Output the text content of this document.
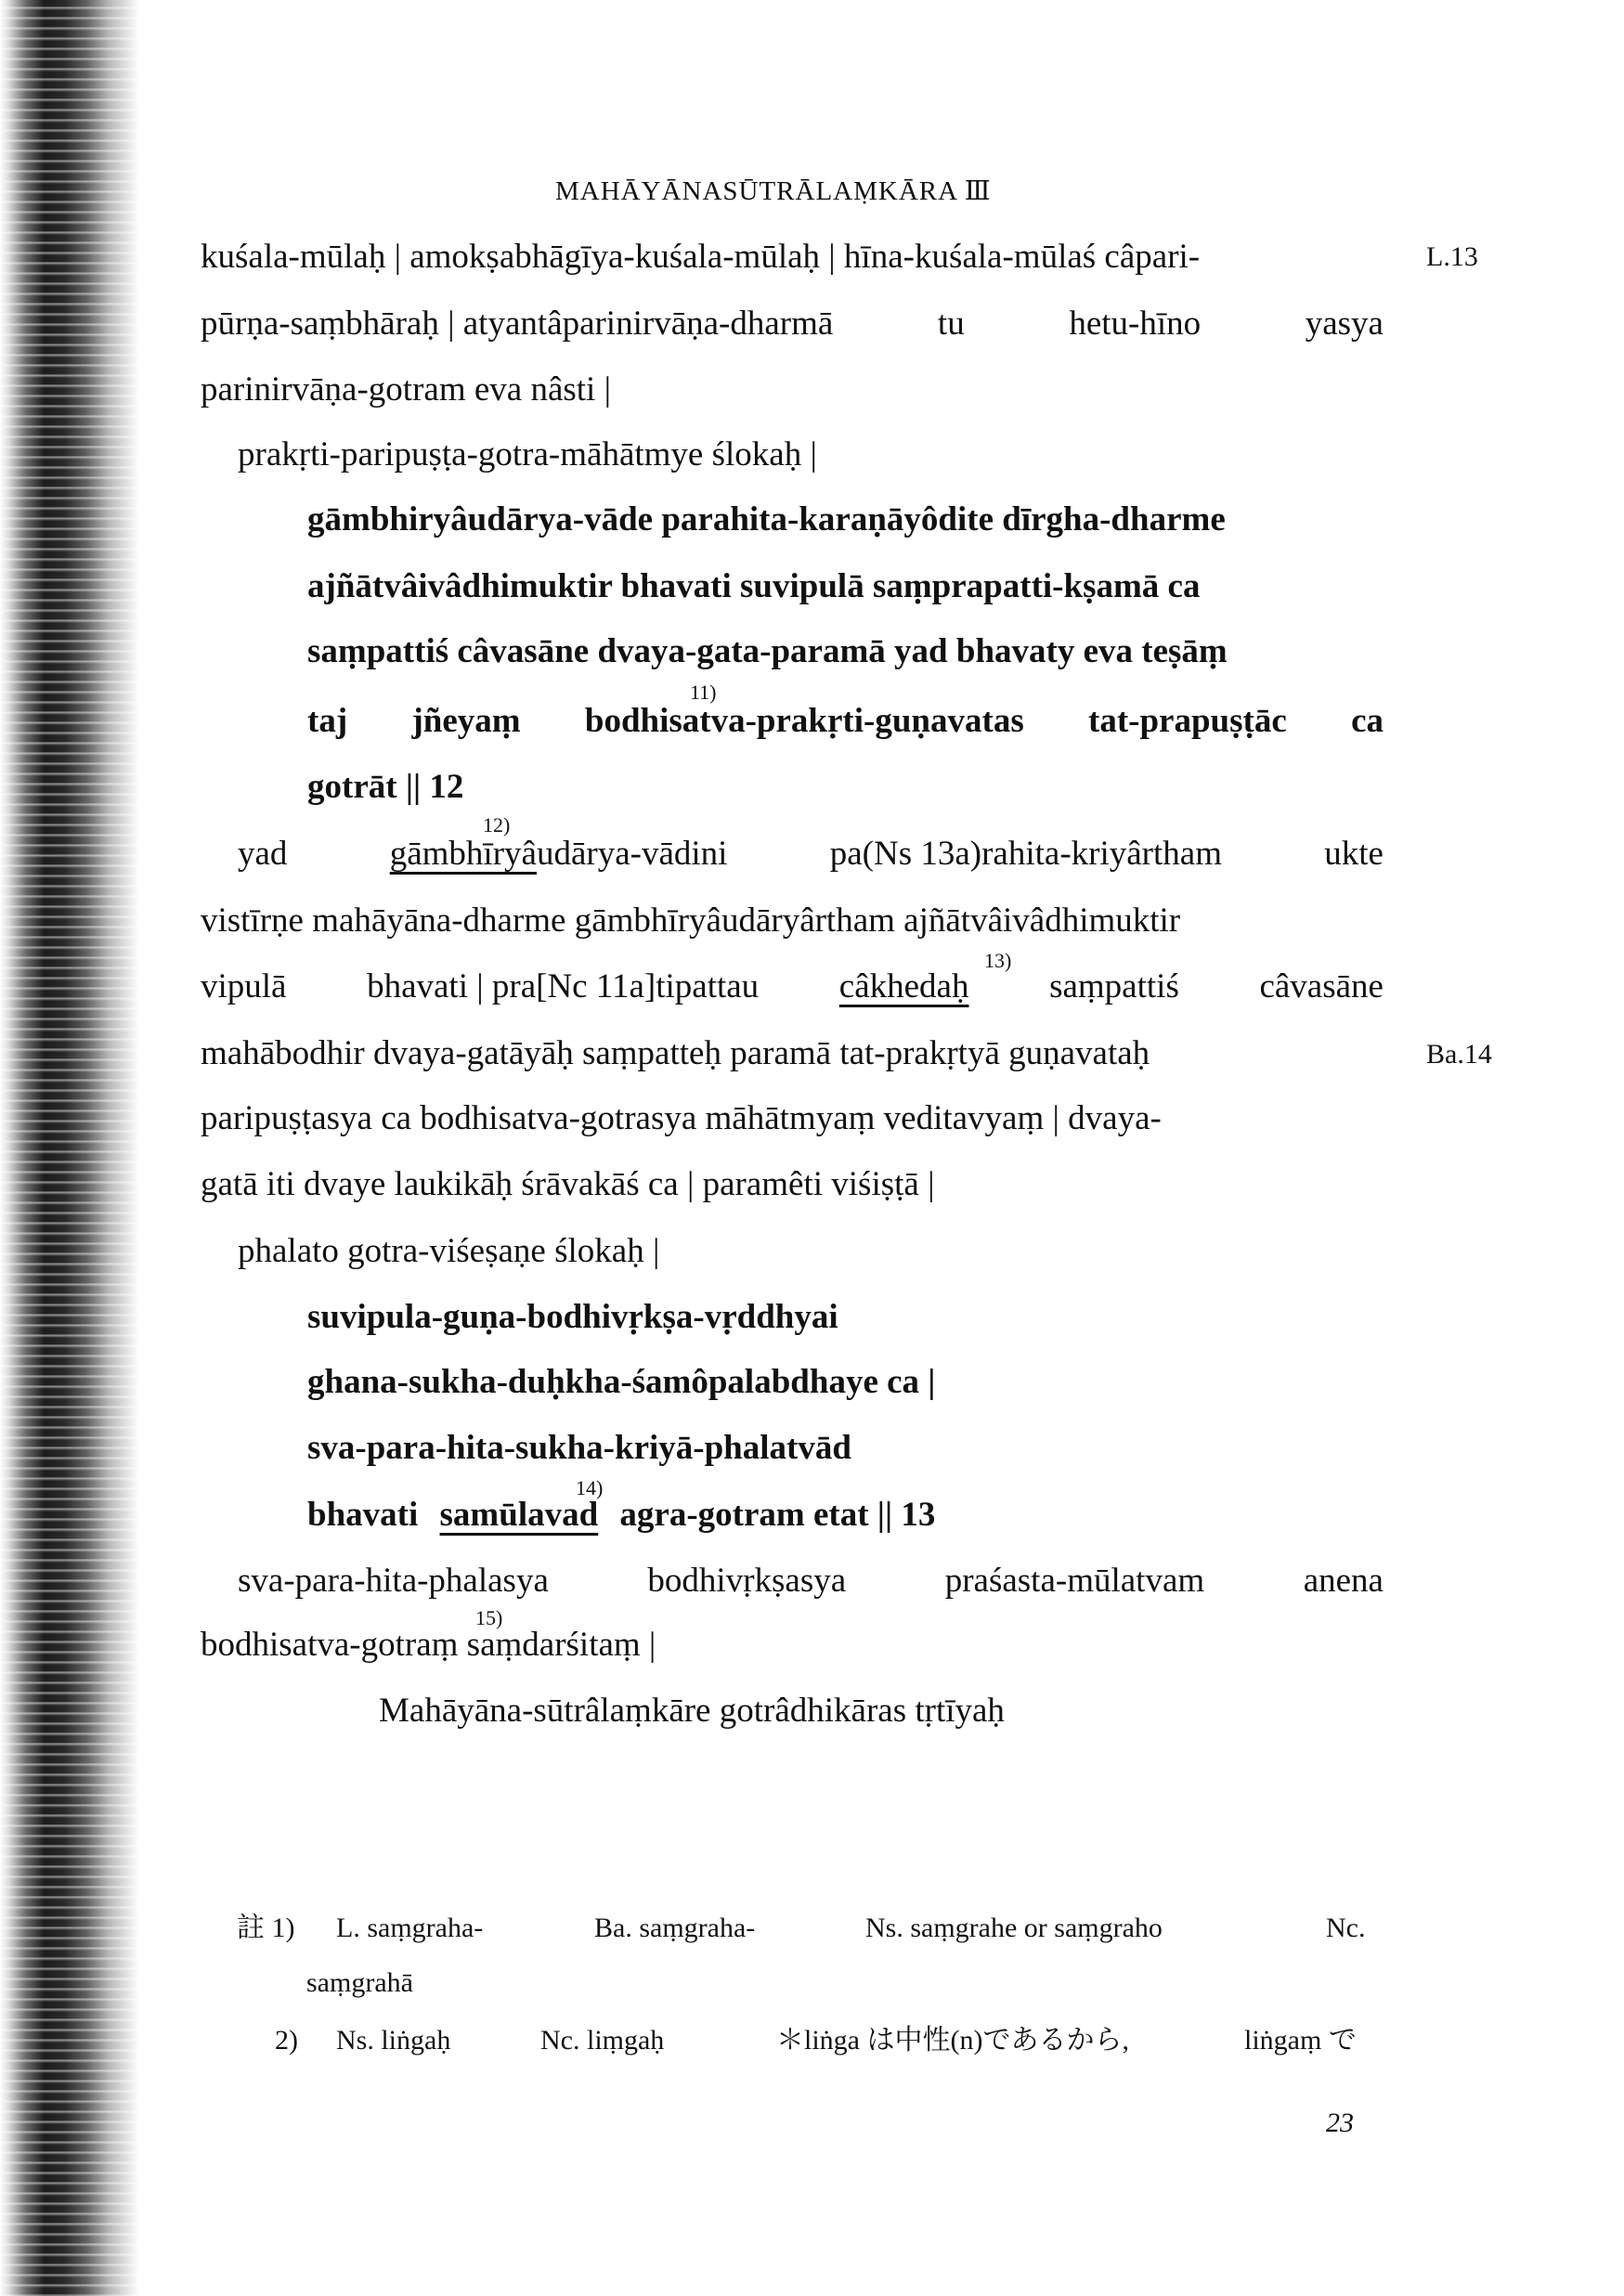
MAHĀYĀNASŪTRĀLAṂKĀRA Ⅲ
L.13
Ba.14
kuśala-mūlaḥ | amokṣabhāgīya-kuśala-mūlaḥ | hīna-kuśala-mūlaś câpari-
pūrṇa-saṃbhāraḥ | atyantâparinirvāṇa-dharmā	tu	hetu-hīno	yasya
parinirvāṇa-gotram eva nâsti |
prakṛti-paripuṣṭa-gotra-māhātmye ślokaḥ |
gāmbhiryâudārya-vāde parahita-karaṇāyôdite dīrgha-dharme
ajñātvâivâdhimuktir bhavati suvipulā saṃprapatti-kṣamā ca
saṃpattiś câvasāne dvaya-gata-paramā yad bhavaty eva teṣāṃ
11)
taj jñeyaṃ bodhisatva-prakṛti-guṇavatas tat-prapuṣṭāc ca
gotrāt || 12
12)
yad	gāmbhīryâudārya-vādini	pa(Ns 13a)rahita-kriyârtham	ukte
vistīrṇe mahāyāna-dharme gāmbhīryâudāryârtham ajñātvâivâdhimuktir
13)
vipulā bhavati | pra[Nc 11a]tipattau câkhedaḥ saṃpattiś câvasāne
mahābodhir dvaya-gatāyāḥ saṃpatteḥ paramā tat-prakṛtyā guṇavataḥ
paripuṣṭasya ca bodhisatva-gotrasya māhātmyaṃ veditavyaṃ | dvaya-
gatā iti dvaye laukikāḥ śrāvakāś ca | paramêti viśiṣṭā |
phalato gotra-viśeṣaṇe ślokaḥ |
suvipula-guṇa-bodhivṛkṣa-vṛddhyai
ghana-sukha-duḥkha-śamôpalabdhaye ca |
sva-para-hita-sukha-kriyā-phalatvād
14)
bhavati samūlavad agra-gotram etat || 13
sva-para-hita-phalasya	bodhivṛkṣasya	praśasta-mūlatvam	anena
15)
bodhisatva-gotraṃ saṃdarśitaṃ |
Mahāyāna-sūtrâlaṃkāre gotrâdhikāras tṛtīyaḥ
註 1) L. saṃgraha-	Ba. saṃgraha-	Ns. saṃgrahe or saṃgraho	Nc.
saṃgrahā
2) Ns. liṅgaḥ	Nc. liṃgaḥ	＊liṅga は中性(n)であるから,	liṅgaṃ で
23
